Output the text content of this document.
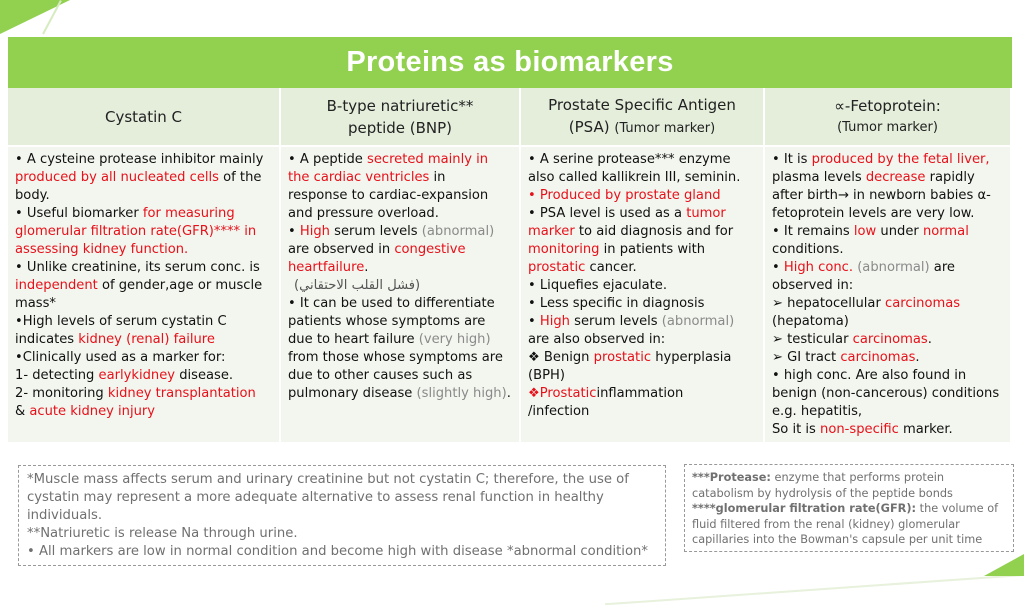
Proteins as biomarkers
Cystatin C
B-type natriuretic**
peptide (BNP)
Prostate Specific Antigen
(PSA) (Tumor marker)
∝-Fetoprotein:
(Tumor marker)

• A cysteine protease inhibitor mainly

produced by all nucleated cells of the

body.

• Useful biomarker for measuring

glomerular filtration rate(GFR)**** in

assessing kidney function.

• Unlike creatinine, its serum conc. is

independent of gender,age or muscle

mass*

•High levels of serum cystatin C

indicates kidney (renal) failure

•Clinically used as a marker for:

1- detecting earlykidney disease.

2- monitoring kidney transplantation

& acute kidney injury

• A peptide secreted mainly in

the cardiac ventricles in

response to cardiac-expansion

and pressure overload.

• High serum levels (abnormal)

are observed in congestive

heartfailure.

(فشل القلب الاحتقاني)

• It can be used to differentiate

patients whose symptoms are

due to heart failure (very high)

from those whose symptoms are

due to other causes such as

pulmonary disease (slightly high).

• A serine protease*** enzyme

also called kallikrein III, seminin.

• Produced by prostate gland

• PSA level is used as a tumor

marker to aid diagnosis and for

monitoring in patients with

prostatic cancer.

• Liquefies ejaculate.

• Less specific in diagnosis

• High serum levels (abnormal)

are also observed in:

❖ Benign prostatic hyperplasia

(BPH)

❖Prostaticinflammation

/infection

• It is produced by the fetal liver,

plasma levels decrease rapidly

after birth→ in newborn babies α-

fetoprotein levels are very low.

• It remains low under normal

conditions.

• High conc. (abnormal) are

observed in:

➢ hepatocellular carcinomas

(hepatoma)

➢ testicular carcinomas.

➢ GI tract carcinomas.

• high conc. Are also found in

benign (non-cancerous) conditions

e.g. hepatitis,

So it is non-specific marker.

*Muscle mass affects serum and urinary creatinine but not cystatin C; therefore, the use of

cystatin may represent a more adequate alternative to assess renal function in healthy

individuals.

**Natriuretic is release Na through urine.

• All markers are low in normal condition and become high with disease *abnormal condition*

***Protease: enzyme that performs protein catabolism by hydrolysis of the peptide bonds

****glomerular filtration rate(GFR): the volume of fluid filtered from the renal (kidney) glomerular capillaries into the Bowman's capsule per unit time
